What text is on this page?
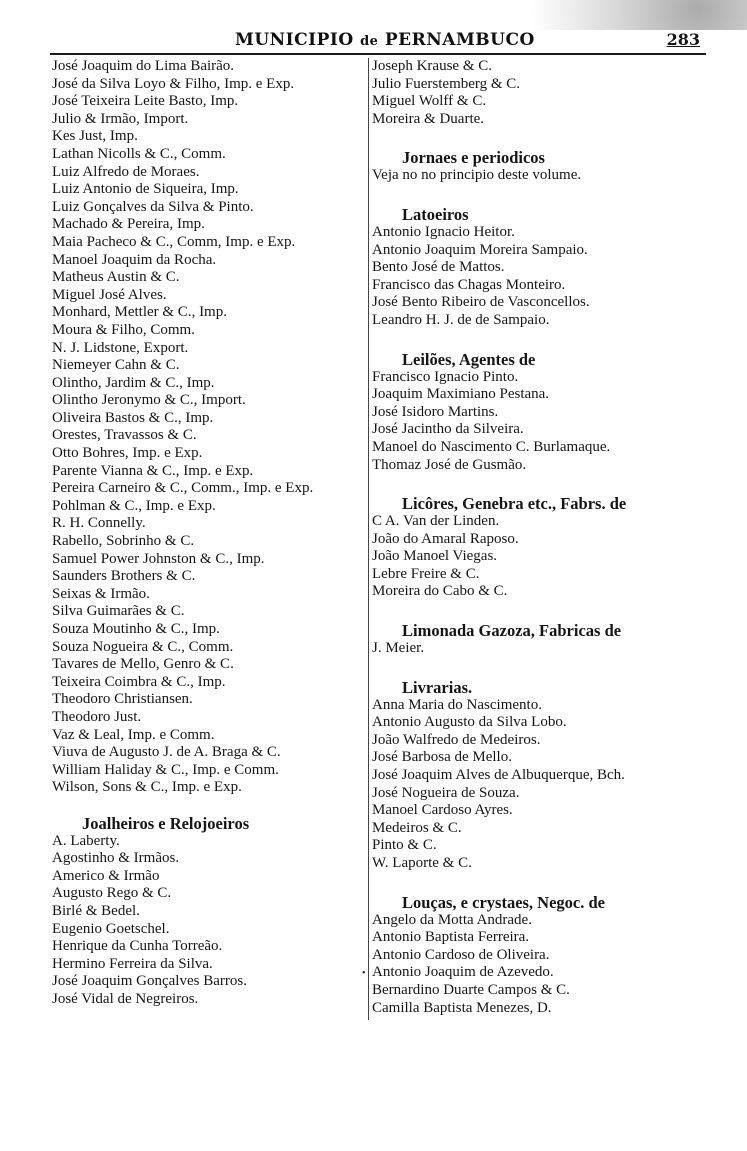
MUNICIPIO de PERNAMBUCO	283
José Joaquim do Lima Bairão.
José da Silva Loyo & Filho, Imp. e Exp.
José Teixeira Leite Basto, Imp.
Julio & Irmão, Import.
Kes Just, Imp.
Lathan Nicolls & C., Comm.
Luiz Alfredo de Moraes.
Luiz Antonio de Siqueira, Imp.
Luiz Gonçalves da Silva & Pinto.
Machado & Pereira, Imp.
Maia Pacheco & C., Comm, Imp. e Exp.
Manoel Joaquim da Rocha.
Matheus Austin & C.
Miguel José Alves.
Monhard, Mettler & C., Imp.
Moura & Filho, Comm.
N. J. Lidstone, Export.
Niemeyer Cahn & C.
Olintho, Jardim & C., Imp.
Olintho Jeronymo & C., Import.
Oliveira Bastos & C., Imp.
Orestes, Travassos & C.
Otto Bohres, Imp. e Exp.
Parente Vianna & C., Imp. e Exp.
Pereira Carneiro & C., Comm., Imp. e Exp.
Pohlman & C., Imp. e Exp.
R. H. Connelly.
Rabello, Sobrinho & C.
Samuel Power Johnston & C., Imp.
Saunders Brothers & C.
Seixas & Irmão.
Silva Guimarães & C.
Souza Moutinho & C., Imp.
Souza Nogueira & C., Comm.
Tavares de Mello, Genro & C.
Teixeira Coimbra & C., Imp.
Theodoro Christiansen.
Theodoro Just.
Vaz & Leal, Imp. e Comm.
Viuva de Augusto J. de A. Braga & C.
William Haliday & C., Imp. e Comm.
Wilson, Sons & C., Imp. e Exp.
Joalheiros e Relojoeiros
A. Laberty.
Agostinho & Irmãos.
Americo & Irmão
Augusto Rego & C.
Birlé & Bedel.
Eugenio Goetschel.
Henrique da Cunha Torreão.
Hermino Ferreira da Silva.
José Joaquim Gonçalves Barros.
José Vidal de Negreiros.
Joseph Krause & C.
Julio Fuerstemberg & C.
Miguel Wolff & C.
Moreira & Duarte.
Jornaes e periodicos
Veja no no principio deste volume.
Latoeiros
Antonio Ignacio Heitor.
Antonio Joaquim Moreira Sampaio.
Bento José de Mattos.
Francisco das Chagas Monteiro.
José Bento Ribeiro de Vasconcellos.
Leandro H. J. de de Sampaio.
Leilões, Agentes de
Francisco Ignacio Pinto.
Joaquim Maximiano Pestana.
José Isidoro Martins.
José Jacintho da Silveira.
Manoel do Nascimento C. Burlamaque.
Thomaz José de Gusmão.
Licôres, Genebra etc., Fabrs. de
C A. Van der Linden.
João do Amaral Raposo.
João Manoel Viegas.
Lebre Freire & C.
Moreira do Cabo & C.
Limonada Gazoza, Fabricas de
J. Meier.
Livrarias.
Anna Maria do Nascimento.
Antonio Augusto da Silva Lobo.
João Walfredo de Medeiros.
José Barbosa de Mello.
José Joaquim Alves de Albuquerque, Bch.
José Nogueira de Souza.
Manoel Cardoso Ayres.
Medeiros & C.
Pinto & C.
W. Laporte & C.
Louças, e crystaes, Negoc. de
Angelo da Motta Andrade.
Antonio Baptista Ferreira.
Antonio Cardoso de Oliveira.
Antonio Joaquim de Azevedo.
Bernardino Duarte Campos & C.
Camilla Baptista Menezes, D.
•
